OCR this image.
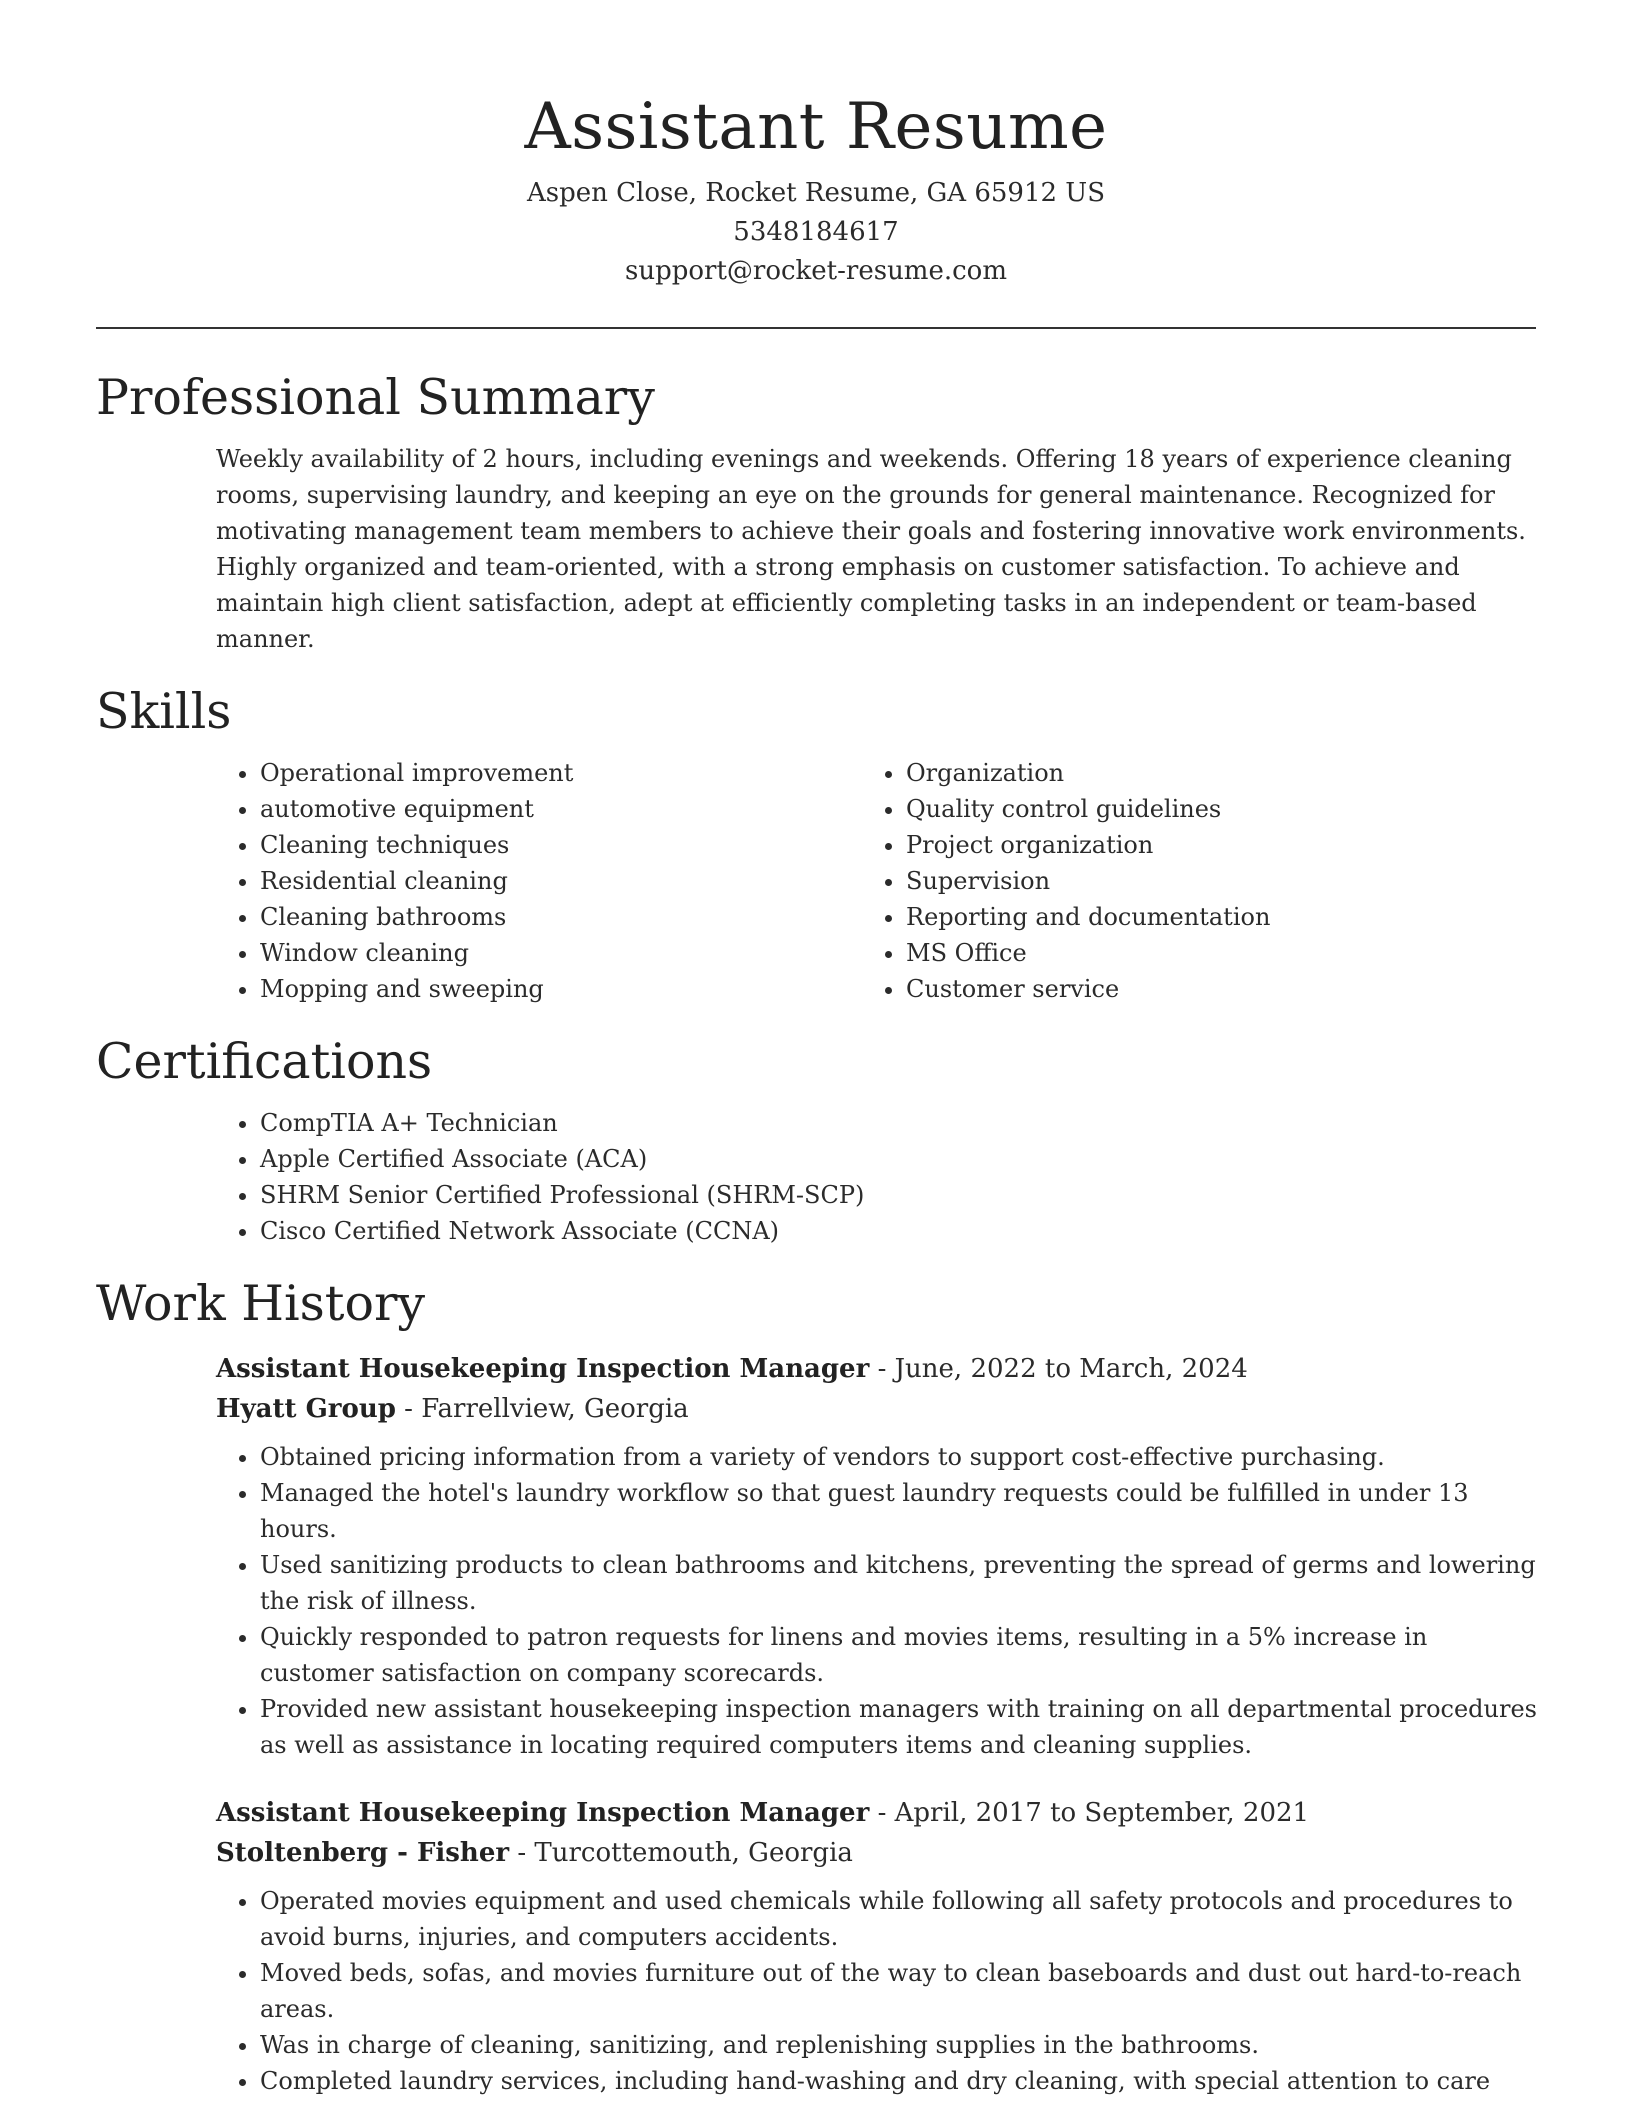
Assistant Resume
Aspen Close, Rocket Resume, GA 65912 US
5348184617
support@rocket-resume.com
Professional Summary

Weekly availability of 2 hours, including evenings and weekends. Offering 18 years of experience cleaning rooms, supervising laundry, and keeping an eye on the grounds for general maintenance. Recognized for motivating management team members to achieve their goals and fostering innovative work environments. Highly organized and team-oriented, with a strong emphasis on customer satisfaction. To achieve and maintain high client satisfaction, adept at efficiently completing tasks in an independent or team-based manner.

Skills
• Operational improvement
• automotive equipment
• Cleaning techniques
• Residential cleaning
• Cleaning bathrooms
• Window cleaning
• Mopping and sweeping
• Organization
• Quality control guidelines
• Project organization
• Supervision
• Reporting and documentation
• MS Office
• Customer service
Certifications
• CompTIA A+ Technician
• Apple Certified Associate (ACA)
• SHRM Senior Certified Professional (SHRM-SCP)
• Cisco Certified Network Associate (CCNA)
Work History
Assistant Housekeeping Inspection Manager - June, 2022 to March, 2024
Hyatt Group - Farrellview, Georgia
• Obtained pricing information from a variety of vendors to support cost-effective purchasing.
• Managed the hotel's laundry workflow so that guest laundry requests could be fulfilled in under 13 hours.
• Used sanitizing products to clean bathrooms and kitchens, preventing the spread of germs and lowering the risk of illness.
• Quickly responded to patron requests for linens and movies items, resulting in a 5% increase in customer satisfaction on company scorecards.
• Provided new assistant housekeeping inspection managers with training on all departmental procedures as well as assistance in locating required computers items and cleaning supplies.
Assistant Housekeeping Inspection Manager - April, 2017 to September, 2021
Stoltenberg - Fisher - Turcottemouth, Georgia
• Operated movies equipment and used chemicals while following all safety protocols and procedures to avoid burns, injuries, and computers accidents.
• Moved beds, sofas, and movies furniture out of the way to clean baseboards and dust out hard-to-reach areas.
• Was in charge of cleaning, sanitizing, and replenishing supplies in the bathrooms.
• Completed laundry services, including hand-washing and dry cleaning, with special attention to care
